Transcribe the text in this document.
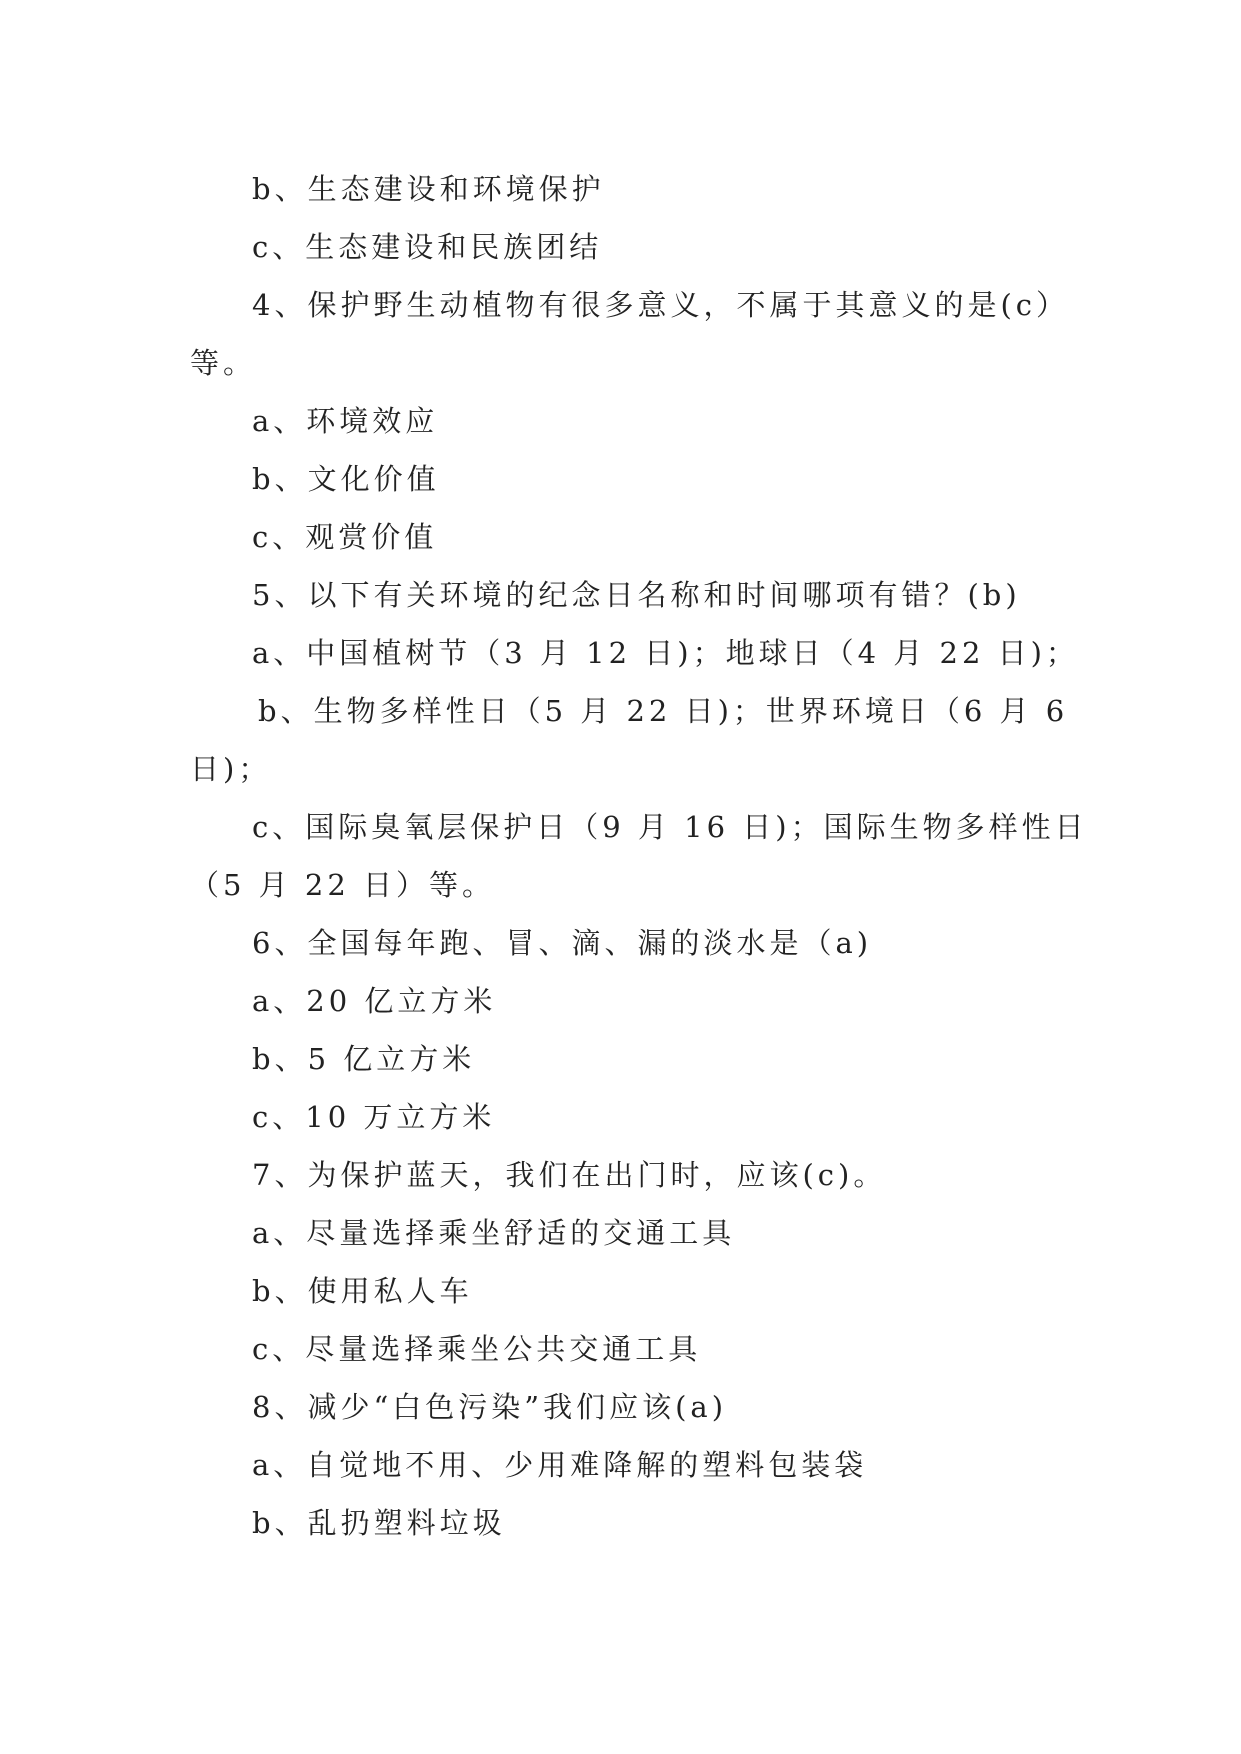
b、生态建设和环境保护
c、生态建设和民族团结
4、保护野生动植物有很多意义，不属于其意义的是(c）
等。
a、环境效应
b、文化价值
c、观赏价值
5、以下有关环境的纪念日名称和时间哪项有错？(b)
a、中国植树节（3 月 12 日)；地球日（4 月 22 日)；
b、生物多样性日（5 月 22 日)；世界环境日（6 月 6
日)；
c、国际臭氧层保护日（9 月 16 日)；国际生物多样性日
（5 月 22 日）等。
6、全国每年跑、冒、滴、漏的淡水是（a)
a、20 亿立方米
b、5 亿立方米
c、10 万立方米
7、为保护蓝天，我们在出门时，应该(c)。
a、尽量选择乘坐舒适的交通工具
b、使用私人车
c、尽量选择乘坐公共交通工具
8、减少“白色污染”我们应该(a)
a、自觉地不用、少用难降解的塑料包装袋
b、乱扔塑料垃圾
